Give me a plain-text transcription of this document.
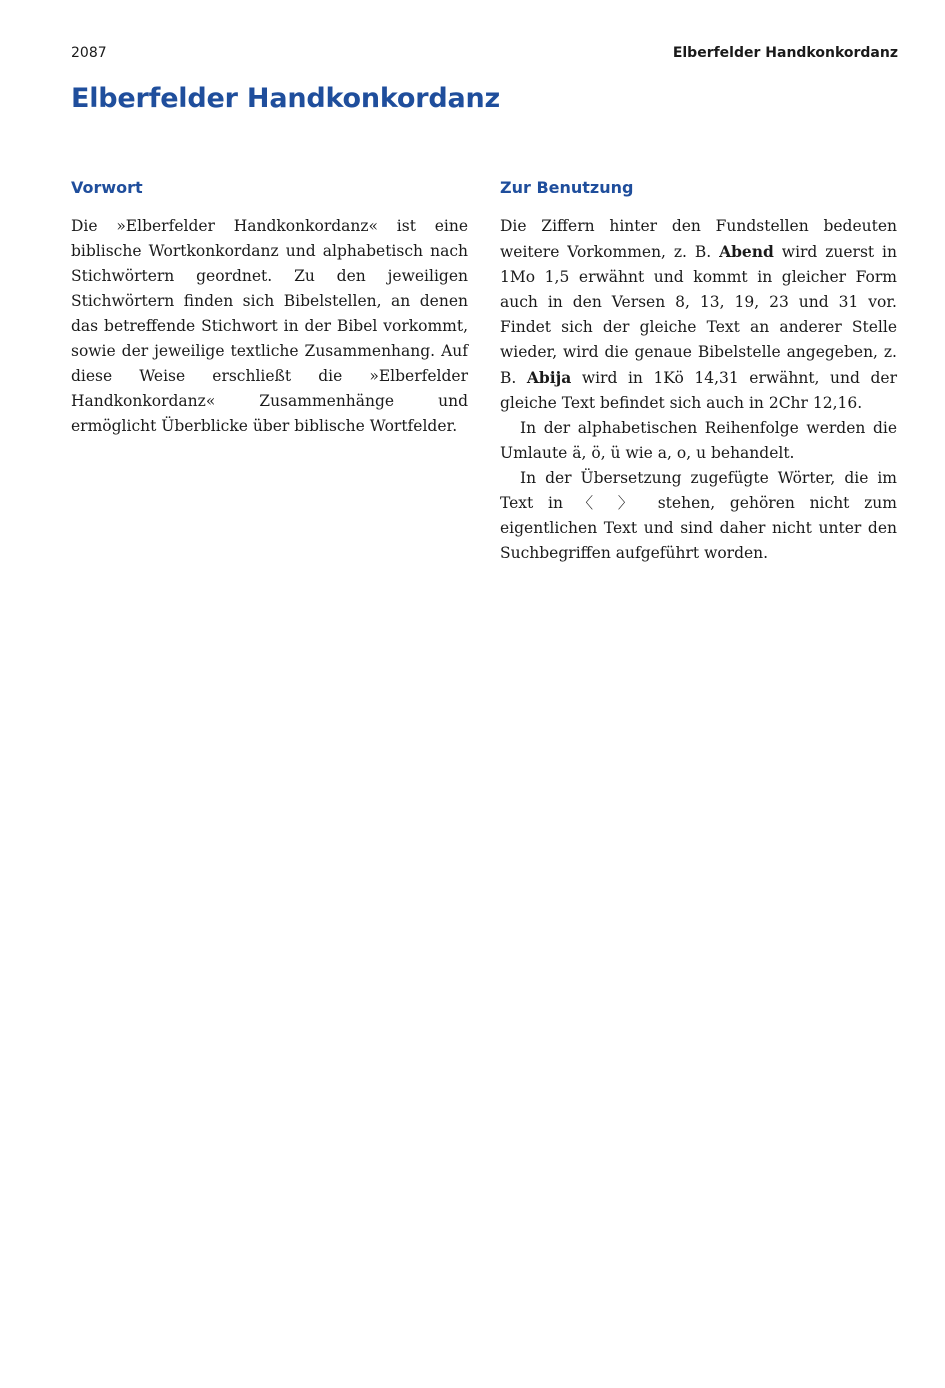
2087	Elberfelder Handkonkordanz
Elberfelder Handkonkordanz
Vorwort

Die »Elberfelder Handkonkordanz« ist eine biblische Wortkonkordanz und alphabetisch nach Stichwörtern geordnet. Zu den jeweiligen Stichwörtern finden sich Bibelstellen, an denen das betreffende Stichwort in der Bibel vorkommt, sowie der jeweilige textliche Zusammenhang. Auf diese Weise erschließt die »Elberfelder Handkonkordanz« Zusammenhänge und ermöglicht Überblicke über biblische Wortfelder.

Zur Benutzung

Die Ziffern hinter den Fundstellen bedeuten weitere Vorkommen, z. B. Abend wird zuerst in 1Mo 1,5 erwähnt und kommt in gleicher Form auch in den Versen 8, 13, 19, 23 und 31 vor. Findet sich der gleiche Text an anderer Stelle wieder, wird die genaue Bibelstelle angegeben, z. B. Abija wird in 1Kö 14,31 erwähnt, und der gleiche Text befindet sich auch in 2Chr 12,16.

In der alphabetischen Reihenfolge werden die Umlaute ä, ö, ü wie a, o, u behandelt.

In der Übersetzung zugefügte Wörter, die im Text in 〈 〉 stehen, gehören nicht zum eigentlichen Text und sind daher nicht unter den Suchbegriffen aufgeführt worden.
